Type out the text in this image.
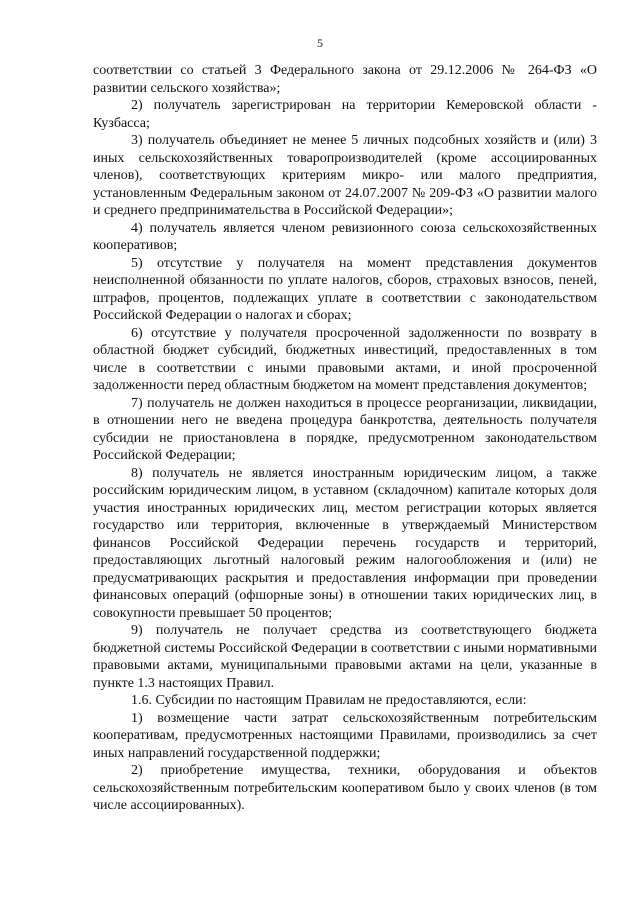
5

соответствии со статьей 3 Федерального закона от 29.12.2006 № 264-ФЗ «О развитии сельского хозяйства»;

2) получатель зарегистрирован на территории Кемеровской области - Кузбасса;

3) получатель объединяет не менее 5 личных подсобных хозяйств и (или) 3 иных сельскохозяйственных товаропроизводителей (кроме ассоциированных членов), соответствующих критериям микро- или малого предприятия, установленным Федеральным законом от 24.07.2007 № 209-ФЗ «О развитии малого и среднего предпринимательства в Российской Федерации»;

4) получатель является членом ревизионного союза сельскохозяйственных кооперативов;

5) отсутствие у получателя на момент представления документов неисполненной обязанности по уплате налогов, сборов, страховых взносов, пеней, штрафов, процентов, подлежащих уплате в соответствии с законодательством Российской Федерации о налогах и сборах;

6) отсутствие у получателя просроченной задолженности по возврату в областной бюджет субсидий, бюджетных инвестиций, предоставленных в том числе в соответствии с иными правовыми актами, и иной просроченной задолженности перед областным бюджетом на момент представления документов;

7) получатель не должен находиться в процессе реорганизации, ликвидации, в отношении него не введена процедура банкротства, деятельность получателя субсидии не приостановлена в порядке, предусмотренном законодательством Российской Федерации;

8) получатель не является иностранным юридическим лицом, а также российским юридическим лицом, в уставном (складочном) капитале которых доля участия иностранных юридических лиц, местом регистрации которых является государство или территория, включенные в утверждаемый Министерством финансов Российской Федерации перечень государств и территорий, предоставляющих льготный налоговый режим налогообложения и (или) не предусматривающих раскрытия и предоставления информации при проведении финансовых операций (офшорные зоны) в отношении таких юридических лиц, в совокупности превышает 50 процентов;

9) получатель не получает средства из соответствующего бюджета бюджетной системы Российской Федерации в соответствии с иными нормативными правовыми актами, муниципальными правовыми актами на цели, указанные в пункте 1.3 настоящих Правил.

1.6. Субсидии по настоящим Правилам не предоставляются, если:

1) возмещение части затрат сельскохозяйственным потребительским кооперативам, предусмотренных настоящими Правилами, производились за счет иных направлений государственной поддержки;

2) приобретение имущества, техники, оборудования и объектов сельскохозяйственным потребительским кооперативом было у своих членов (в том числе ассоциированных).
